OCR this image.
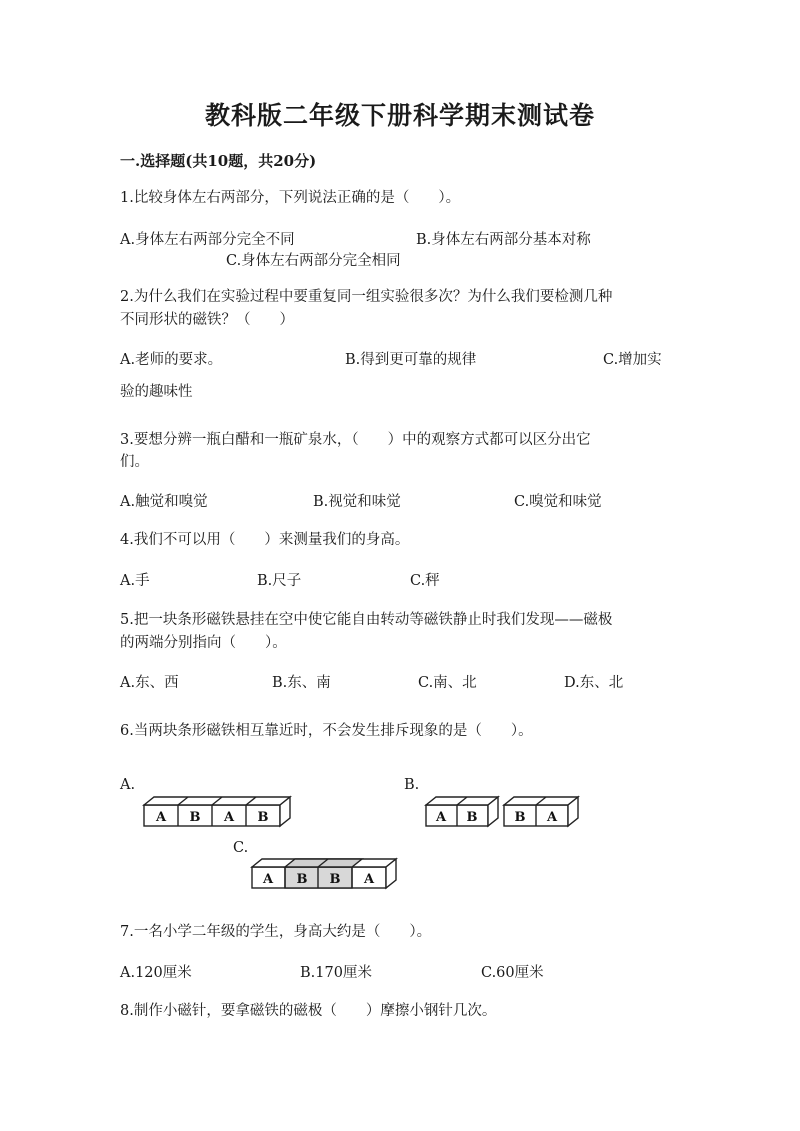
教科版二年级下册科学期末测试卷
一.选择题(共10题，共20分)
1.比较身体左右两部分，下列说法正确的是（　　）。
A.身体左右两部分完全不同	B.身体左右两部分基本对称
C.身体左右两部分完全相同
2.为什么我们在实验过程中要重复同一组实验很多次？为什么我们要检测几种
不同形状的磁铁？（　　）
A.老师的要求。	B.得到更可靠的规律	C.增加实
验的趣味性
3.要想分辨一瓶白醋和一瓶矿泉水，（　　）中的观察方式都可以区分出它
们。
A.触觉和嗅觉	B.视觉和味觉	C.嗅觉和味觉
4.我们不可以用（　　）来测量我们的身高。
A.手	B.尺子	C.秤
5.把一块条形磁铁悬挂在空中使它能自由转动等磁铁静止时我们发现——磁极
的两端分别指向（　　）。
A.东、西	B.东、南	C.南、北	D.东、北
6.当两块条形磁铁相互靠近时，不会发生排斥现象的是（　　）。
A.	B.
C.
A B A B	A B	B A
A B B A
7.一名小学二年级的学生，身高大约是（　　）。
A.120厘米	B.170厘米	C.60厘米
8.制作小磁针，要拿磁铁的磁极（　　）摩擦小钢针几次。
